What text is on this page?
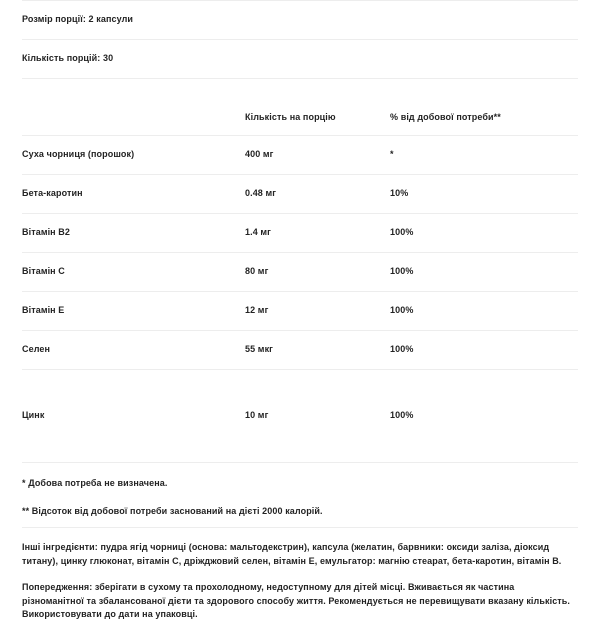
Розмір порції: 2 капсули		
Кількість порцій: 30		
	Кількість на порцію	% від добової потреби**
Суха чорниця (порошок)	400 мг	*
Бета-каротин	0.48 мг	10%
Вітамін B2	1.4 мг	100%
Вітамін C	80 мг	100%
Вітамін E	12 мг	100%
Селен	55 мкг	100%
Цинк	10 мг	100%

* Добова потреба не визначена.

** Відсоток від добової потреби заснований на дієті 2000 калорій.

Інші інгредієнти: пудра ягід чорниці (основа: мальтодекстрин), капсула (желатин, барвники: оксиди заліза, діоксид титану), цинку глюконат, вітамін С, дріжджовий селен, вітамін Е, емульгатор: магнію стеарат, бета-каротин, вітамін В.

Попередження: зберігати в сухому та прохолодному, недоступному для дітей місці. Вживається як частина різноманітної та збалансованої дієти та здорового способу життя. Рекомендується не перевищувати вказану кількість. Використовувати до дати на упаковці.
